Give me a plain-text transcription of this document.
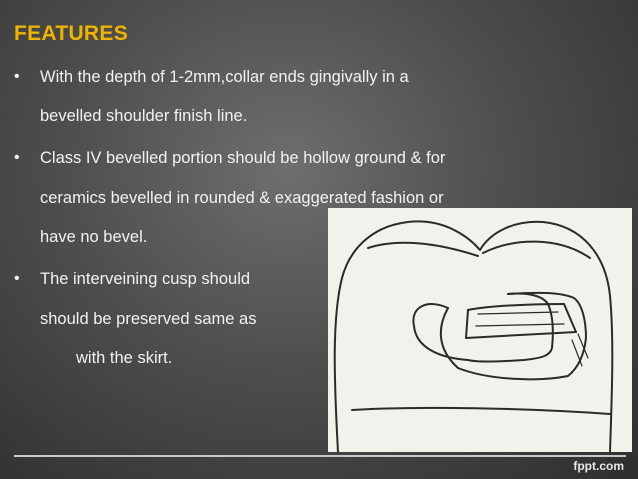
FEATURES
• With the depth of 1-2mm,collar ends gingivally in a
bevelled shoulder finish line.
• Class IV bevelled portion should be hollow ground & for
ceramics bevelled in rounded & exaggerated fashion or
have no bevel.
• The interveining cusp should
should be preserved same as
with the skirt.
fppt.com
